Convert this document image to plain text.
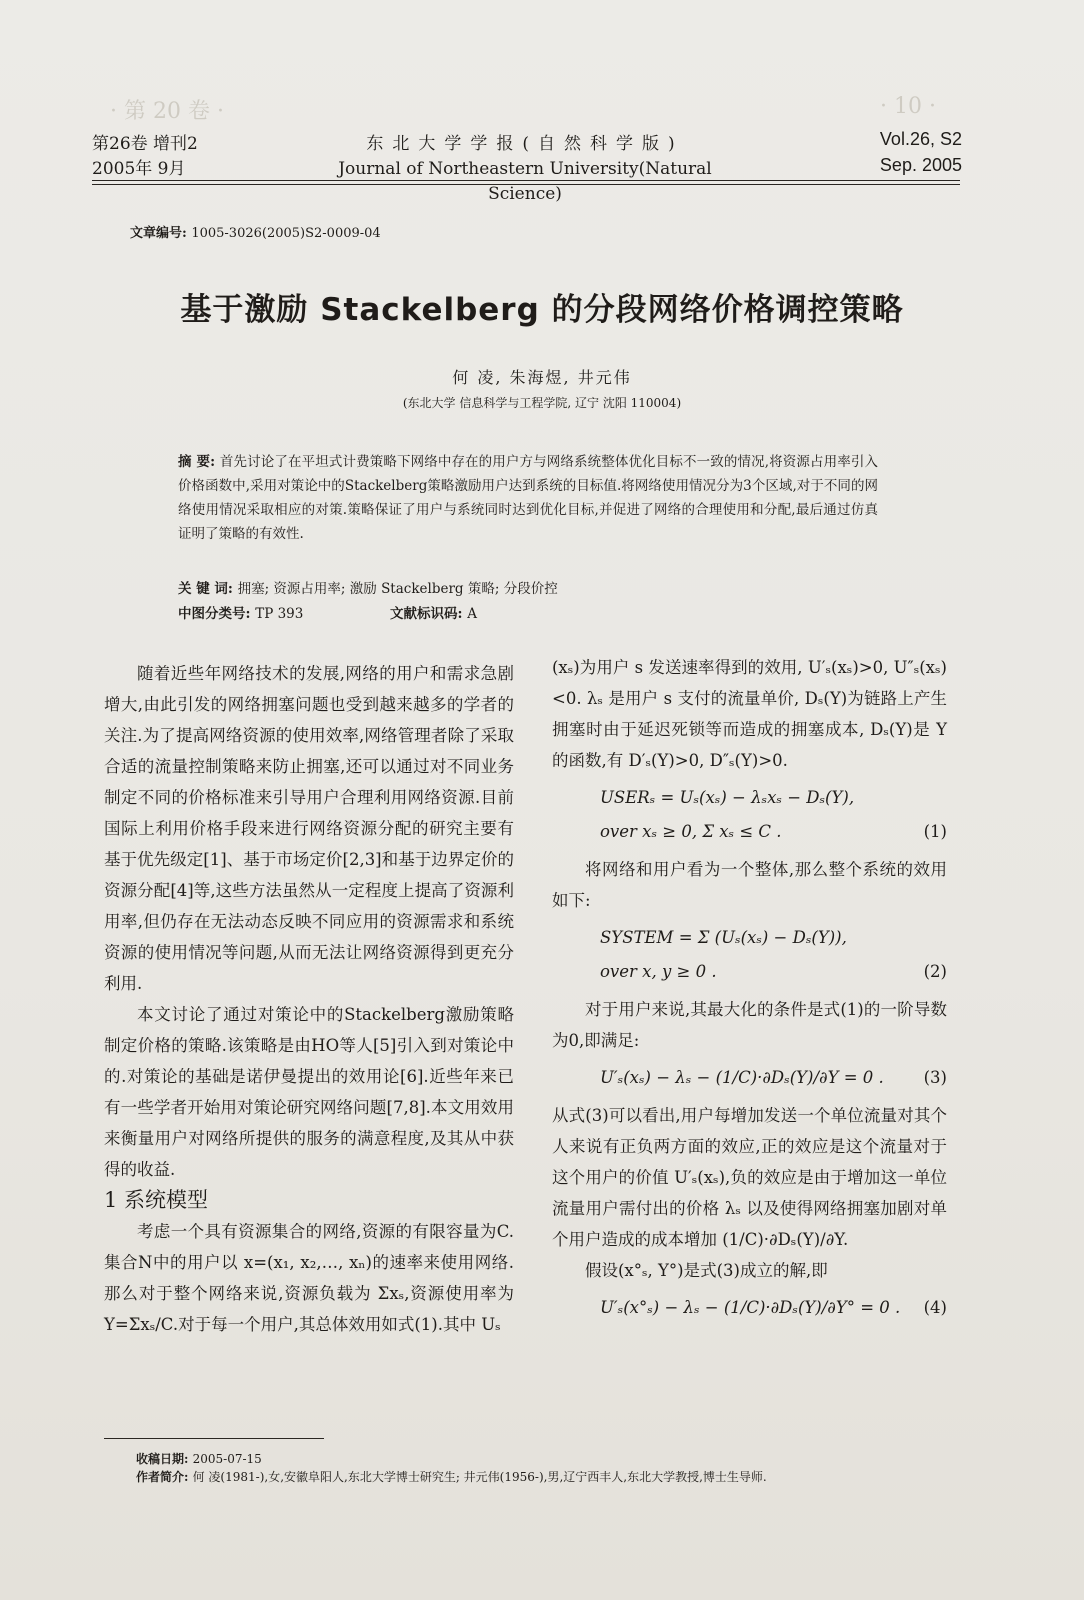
· 第 20 卷 ·	· 10 ·
第26卷 增刊2
2005年 9月
东北大学学报(自然科学版)
Journal of Northeastern University(Natural Science)
Vol.26, S2
Sep. 2005
文章编号: 1005-3026(2005)S2-0009-04
基于激励 Stackelberg 的分段网络价格调控策略
何 凌, 朱海煜, 井元伟
(东北大学 信息科学与工程学院, 辽宁 沈阳 110004)
摘 要: 首先讨论了在平坦式计费策略下网络中存在的用户方与网络系统整体优化目标不一致的情况,将资源占用率引入价格函数中,采用对策论中的Stackelberg策略激励用户达到系统的目标值.将网络使用情况分为3个区域,对于不同的网络使用情况采取相应的对策.策略保证了用户与系统同时达到优化目标,并促进了网络的合理使用和分配,最后通过仿真证明了策略的有效性.
关 键 词: 拥塞; 资源占用率; 激励 Stackelberg 策略; 分段价控
中图分类号: TP 393	文献标识码: A

随着近些年网络技术的发展,网络的用户和需求急剧增大,由此引发的网络拥塞问题也受到越来越多的学者的关注.为了提高网络资源的使用效率,网络管理者除了采取合适的流量控制策略来防止拥塞,还可以通过对不同业务制定不同的价格标准来引导用户合理利用网络资源.目前国际上利用价格手段来进行网络资源分配的研究主要有基于优先级定[1]、基于市场定价[2,3]和基于边界定价的资源分配[4]等,这些方法虽然从一定程度上提高了资源利用率,但仍存在无法动态反映不同应用的资源需求和系统资源的使用情况等问题,从而无法让网络资源得到更充分利用.

本文讨论了通过对策论中的Stackelberg激励策略制定价格的策略.该策略是由HO等人[5]引入到对策论中的.对策论的基础是诺伊曼提出的效用论[6].近些年来已有一些学者开始用对策论研究网络问题[7,8].本文用效用来衡量用户对网络所提供的服务的满意程度,及其从中获得的收益.

1 系统模型

考虑一个具有资源集合的网络,资源的有限容量为C.集合N中的用户以 x=(x₁, x₂,…, xₙ)的速率来使用网络.那么对于整个网络来说,资源负载为 Σxₛ,资源使用率为 Y=Σxₛ/C.对于每一个用户,其总体效用如式(1).其中 Uₛ

(xₛ)为用户 s 发送速率得到的效用, U′ₛ(xₛ)>0, U″ₛ(xₛ)<0. λₛ 是用户 s 支付的流量单价, Dₛ(Y)为链路上产生拥塞时由于延迟死锁等而造成的拥塞成本, Dₛ(Y)是 Y 的函数,有 D′ₛ(Y)>0, D″ₛ(Y)>0.

USERₛ = Uₛ(xₛ) − λₛxₛ − Dₛ(Y),
over xₛ ≥ 0, Σ xₛ ≤ C .	(1)

将网络和用户看为一个整体,那么整个系统的效用如下:

SYSTEM = Σ (Uₛ(xₛ) − Dₛ(Y)),
over x, y ≥ 0 .	(2)

对于用户来说,其最大化的条件是式(1)的一阶导数为0,即满足:

U′ₛ(xₛ) − λₛ − (1/C)·∂Dₛ(Y)/∂Y = 0 . (3)

从式(3)可以看出,用户每增加发送一个单位流量对其个人来说有正负两方面的效应,正的效应是这个流量对于这个用户的价值 U′ₛ(xₛ),负的效应是由于增加这一单位流量用户需付出的价格 λₛ 以及使得网络拥塞加剧对单个用户造成的成本增加 (1/C)·∂Dₛ(Y)/∂Y.

假设(x°ₛ, Y°)是式(3)成立的解,即

U′ₛ(x°ₛ) − λₛ − (1/C)·∂Dₛ(Y)/∂Y° = 0 . (4)
收稿日期: 2005-07-15
作者简介: 何 凌(1981-),女,安徽阜阳人,东北大学博士研究生; 井元伟(1956-),男,辽宁西丰人,东北大学教授,博士生导师.
